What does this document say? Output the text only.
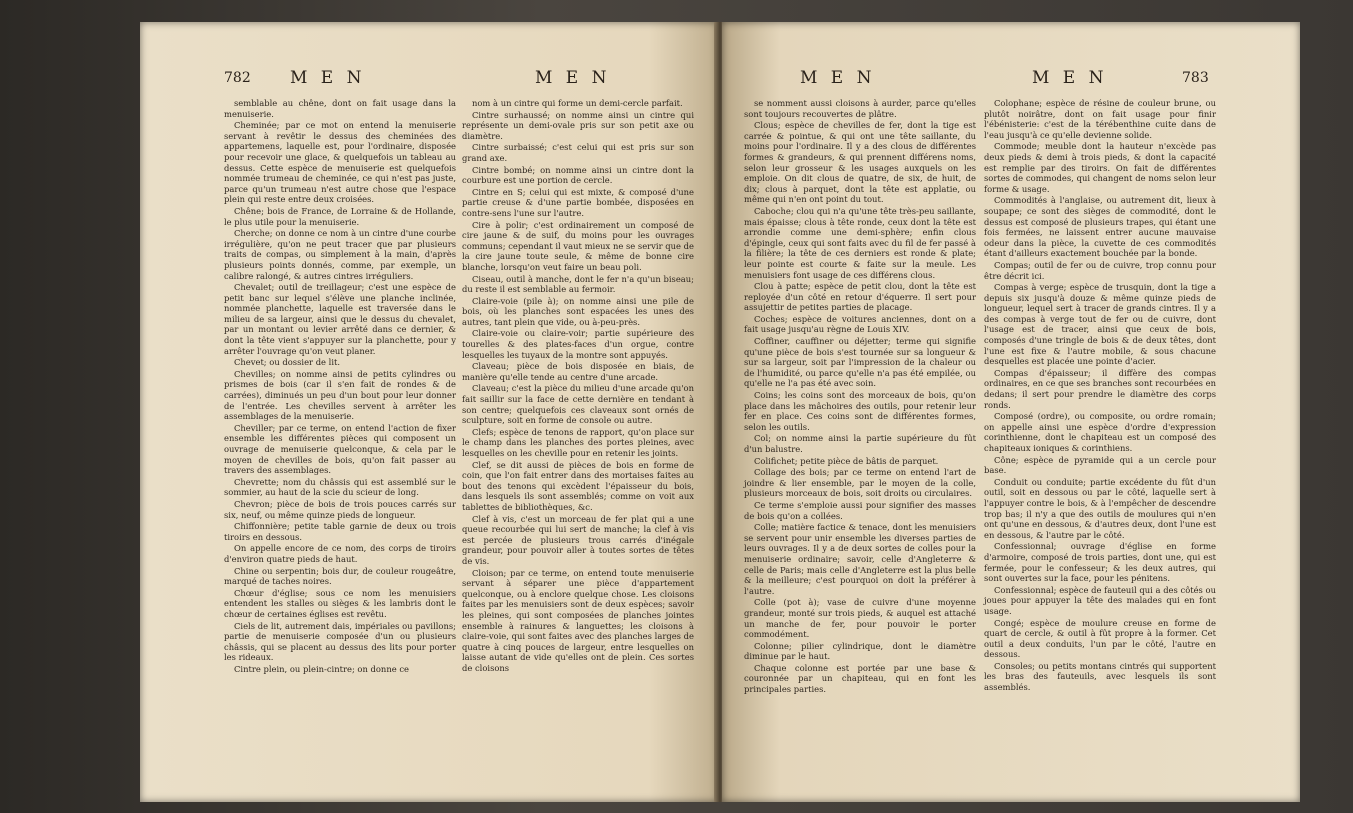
782 M E N	M E N

semblable au chêne, dont on fait usage dans la menuiserie.

Cheminée; par ce mot on entend la menuiserie servant à revêtir le dessus des cheminées des appartemens, laquelle est, pour l'ordinaire, disposée pour recevoir une glace, & quelquefois un tableau au dessus. Cette espèce de menuiserie est quelquefois nommée trumeau de cheminée, ce qui n'est pas juste, parce qu'un trumeau n'est autre chose que l'espace plein qui reste entre deux croisées.

Chêne; bois de France, de Lorraine & de Hollande, le plus utile pour la menuiserie.

Cherche; on donne ce nom à un cintre d'une courbe irrégulière, qu'on ne peut tracer que par plusieurs traits de compas, ou simplement à la main, d'après plusieurs points donnés, comme, par exemple, un calibre ralongé, & autres cintres irréguliers.

Chevalet; outil de treillageur; c'est une espèce de petit banc sur lequel s'élève une planche inclinée, nommée planchette, laquelle est traversée dans le milieu de sa largeur, ainsi que le dessus du chevalet, par un montant ou levier arrêté dans ce dernier, & dont la tête vient s'appuyer sur la planchette, pour y arrêter l'ouvrage qu'on veut planer.

Chevet; ou dossier de lit.

Chevilles; on nomme ainsi de petits cylindres ou prismes de bois (car il s'en fait de rondes & de carrées), diminués un peu d'un bout pour leur donner de l'entrée. Les chevilles servent à arrêter les assemblages de la menuiserie.

Cheviller; par ce terme, on entend l'action de fixer ensemble les différentes pièces qui composent un ouvrage de menuiserie quelconque, & cela par le moyen de chevilles de bois, qu'on fait passer au travers des assemblages.

Chevrette; nom du châssis qui est assemblé sur le sommier, au haut de la scie du scieur de long.

Chevron; pièce de bois de trois pouces carrés sur six, neuf, ou même quinze pieds de longueur.

Chiffonnière; petite table garnie de deux ou trois tiroirs en dessous.

On appelle encore de ce nom, des corps de tiroirs d'environ quatre pieds de haut.

Chine ou serpentin; bois dur, de couleur rougeâtre, marqué de taches noires.

Chœur d'église; sous ce nom les menuisiers entendent les stalles ou sièges & les lambris dont le chœur de certaines églises est revêtu.

Ciels de lit, autrement dais, impériales ou pavillons; partie de menuiserie composée d'un ou plusieurs châssis, qui se placent au dessus des lits pour porter les rideaux.

Cintre plein, ou plein-cintre; on donne ce

nom à un cintre qui forme un demi-cercle parfait.

Cintre surhaussé; on nomme ainsi un cintre qui représente un demi-ovale pris sur son petit axe ou diamètre.

Cintre surbaissé; c'est celui qui est pris sur son grand axe.

Cintre bombé; on nomme ainsi un cintre dont la courbure est une portion de cercle.

Cintre en S; celui qui est mixte, & composé d'une partie creuse & d'une partie bombée, disposées en contre-sens l'une sur l'autre.

Cire à polir; c'est ordinairement un composé de cire jaune & de suif, du moins pour les ouvrages communs; cependant il vaut mieux ne se servir que de la cire jaune toute seule, & même de bonne cire blanche, lorsqu'on veut faire un beau poli.

Ciseau, outil à manche, dont le fer n'a qu'un biseau; du reste il est semblable au fermoir.

Claire-voie (pile à); on nomme ainsi une pile de bois, où les planches sont espacées les unes des autres, tant plein que vide, ou à-peu-près.

Claire-voie ou claire-voir; partie supérieure des tourelles & des plates-faces d'un orgue, contre lesquelles les tuyaux de la montre sont appuyés.

Claveau; pièce de bois disposée en biais, de manière qu'elle tende au centre d'une arcade.

Claveau; c'est la pièce du milieu d'une arcade qu'on fait saillir sur la face de cette dernière en tendant à son centre; quelquefois ces claveaux sont ornés de sculpture, soit en forme de console ou autre.

Clefs; espèce de tenons de rapport, qu'on place sur le champ dans les planches des portes pleines, avec lesquelles on les cheville pour en retenir les joints.

Clef, se dit aussi de pièces de bois en forme de coin, que l'on fait entrer dans des mortaises faites au bout des tenons qui excèdent l'épaisseur du bois, dans lesquels ils sont assemblés; comme on voit aux tablettes de bibliothèques, &c.

Clef à vis, c'est un morceau de fer plat qui a une queue recourbée qui lui sert de manche; la clef à vis est percée de plusieurs trous carrés d'inégale grandeur, pour pouvoir aller à toutes sortes de têtes de vis.

Cloison; par ce terme, on entend toute menuiserie servant à séparer une pièce d'appartement quelconque, ou à enclore quelque chose. Les cloisons faites par les menuisiers sont de deux espèces; savoir les pleines, qui sont composées de planches jointes ensemble à rainures & languettes; les cloisons à claire-voie, qui sont faites avec des planches larges de quatre à cinq pouces de largeur, entre lesquelles on laisse autant de vide qu'elles ont de plein. Ces sortes de cloisons

M E N	M E N	783

se nomment aussi cloisons à aurder, parce qu'elles sont toujours recouvertes de plâtre.

Clous; espèce de chevilles de fer, dont la tige est carrée & pointue, & qui ont une tête saillante, du moins pour l'ordinaire. Il y a des clous de différentes formes & grandeurs, & qui prennent différens noms, selon leur grosseur & les usages auxquels on les emploie. On dit clous de quatre, de six, de huit, de dix; clous à parquet, dont la tête est applatie, ou même qui n'en ont point du tout.

Caboche; clou qui n'a qu'une tête très-peu saillante, mais épaisse; clous à tête ronde, ceux dont la tête est arrondie comme une demi-sphère; enfin clous d'épingle, ceux qui sont faits avec du fil de fer passé à la filière; la tête de ces derniers est ronde & plate; leur pointe est courte & faite sur la meule. Les menuisiers font usage de ces différens clous.

Clou à patte; espèce de petit clou, dont la tête est reployée d'un côté en retour d'équerre. Il sert pour assujettir de petites parties de placage.

Coches; espèce de voitures anciennes, dont on a fait usage jusqu'au règne de Louis XIV.

Coffiner, cauffiner ou déjetter; terme qui signifie qu'une pièce de bois s'est tournée sur sa longueur & sur sa largeur, soit par l'impression de la chaleur ou de l'humidité, ou parce qu'elle n'a pas été empilée, ou qu'elle ne l'a pas été avec soin.

Coins; les coins sont des morceaux de bois, qu'on place dans les mâchoires des outils, pour retenir leur fer en place. Ces coins sont de différentes formes, selon les outils.

Col; on nomme ainsi la partie supérieure du fût d'un balustre.

Colifichet; petite pièce de bâtis de parquet.

Collage des bois; par ce terme on entend l'art de joindre & lier ensemble, par le moyen de la colle, plusieurs morceaux de bois, soit droits ou circulaires.

Ce terme s'emploie aussi pour signifier des masses de bois qu'on a collées.

Colle; matière factice & tenace, dont les menuisiers se servent pour unir ensemble les diverses parties de leurs ouvrages. Il y a de deux sortes de colles pour la menuiserie ordinaire; savoir, celle d'Angleterre & celle de Paris; mais celle d'Angleterre est la plus belle & la meilleure; c'est pourquoi on doit la préférer à l'autre.

Colle (pot à); vase de cuivre d'une moyenne grandeur, monté sur trois pieds, & auquel est attaché un manche de fer, pour pouvoir le porter commodément.

Colonne; pilier cylindrique, dont le diamètre diminue par le haut.

Chaque colonne est portée par une base & couronnée par un chapiteau, qui en font les principales parties.

Colophane; espèce de résine de couleur brune, ou plutôt noirâtre, dont on fait usage pour finir l'ébénisterie: c'est de la térébenthine cuite dans de l'eau jusqu'à ce qu'elle devienne solide.

Commode; meuble dont la hauteur n'excède pas deux pieds & demi à trois pieds, & dont la capacité est remplie par des tiroirs. On fait de différentes sortes de commodes, qui changent de noms selon leur forme & usage.

Commodités à l'anglaise, ou autrement dit, lieux à soupape; ce sont des sièges de commodité, dont le dessus est composé de plusieurs trapes, qui étant une fois fermées, ne laissent entrer aucune mauvaise odeur dans la pièce, la cuvette de ces commodités étant d'ailleurs exactement bouchée par la bonde.

Compas; outil de fer ou de cuivre, trop connu pour être décrit ici.

Compas à verge; espèce de trusquin, dont la tige a depuis six jusqu'à douze & même quinze pieds de longueur, lequel sert à tracer de grands cintres. Il y a des compas à verge tout de fer ou de cuivre, dont l'usage est de tracer, ainsi que ceux de bois, composés d'une tringle de bois & de deux têtes, dont l'une est fixe & l'autre mobile, & sous chacune desquelles est placée une pointe d'acier.

Compas d'épaisseur; il diffère des compas ordinaires, en ce que ses branches sont recourbées en dedans; il sert pour prendre le diamètre des corps ronds.

Composé (ordre), ou composite, ou ordre romain; on appelle ainsi une espèce d'ordre d'expression corinthienne, dont le chapiteau est un composé des chapiteaux ioniques & corinthiens.

Cône; espèce de pyramide qui a un cercle pour base.

Conduit ou conduite; partie excédente du fût d'un outil, soit en dessous ou par le côté, laquelle sert à l'appuyer contre le bois, & à l'empêcher de descendre trop bas; il n'y a que des outils de moulures qui n'en ont qu'une en dessous, & d'autres deux, dont l'une est en dessous, & l'autre par le côté.

Confessionnal; ouvrage d'église en forme d'armoire, composé de trois parties, dont une, qui est fermée, pour le confesseur; & les deux autres, qui sont ouvertes sur la face, pour les pénitens.

Confessionnal; espèce de fauteuil qui a des côtés ou joues pour appuyer la tête des malades qui en font usage.

Congé; espèce de moulure creuse en forme de quart de cercle, & outil à fût propre à la former. Cet outil a deux conduits, l'un par le côté, l'autre en dessous.

Consoles; ou petits montans cintrés qui supportent les bras des fauteuils, avec lesquels ils sont assemblés.
